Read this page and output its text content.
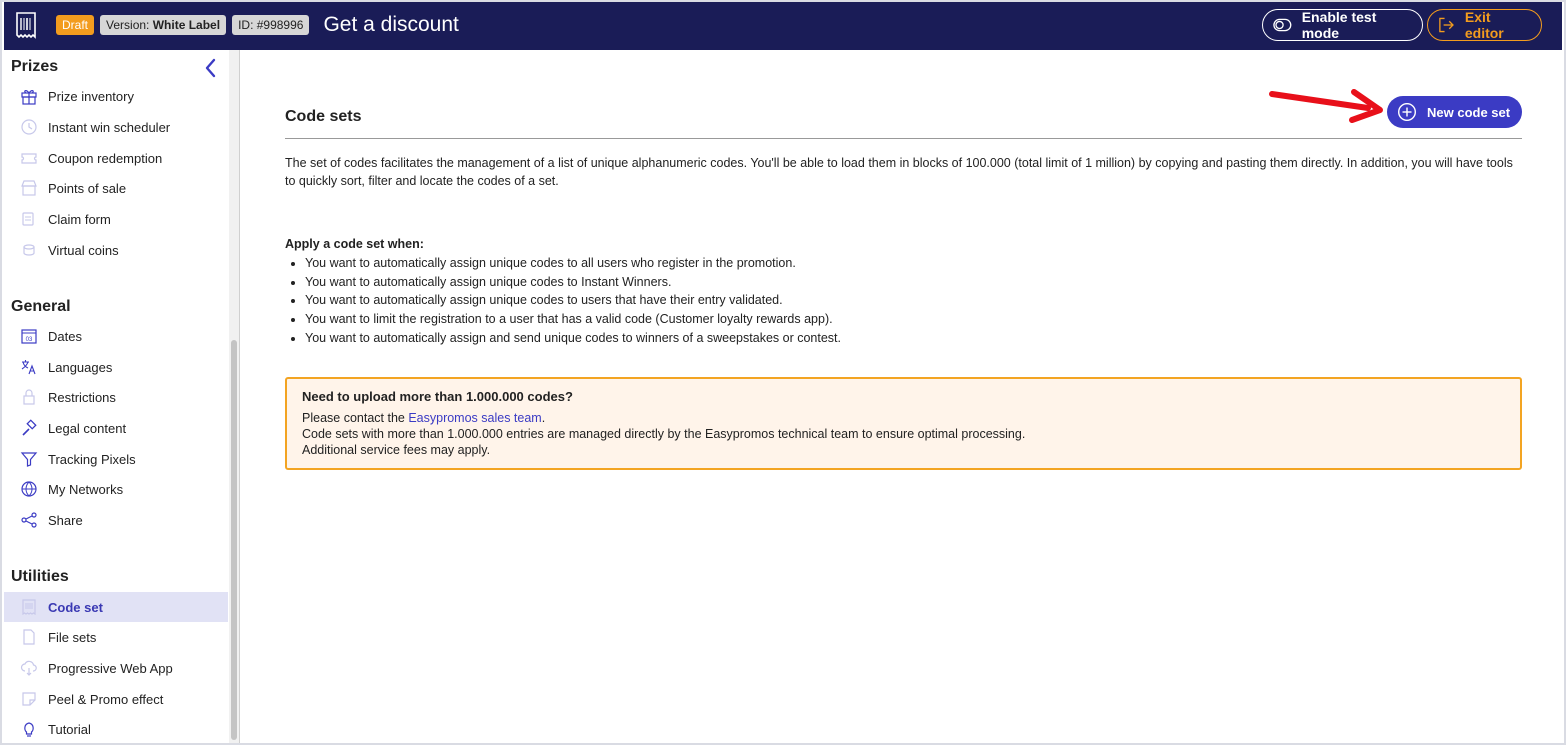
Draft	Version: White Label	ID: #998996 Get a discount	Enable test mode
Exit editor
Prizes
Prize inventory
Instant win scheduler
Coupon redemption
Points of sale
Claim form
Virtual coins
General
03 Dates
Languages
Restrictions
Legal content
Tracking Pixels
My Networks
Share
Utilities
Code set
File sets
Progressive Web App
Peel & Promo effect
Tutorial
Code sets	New code set
The set of codes facilitates the management of a list of unique alphanumeric codes. You'll be able to load them in blocks of 100.000 (total limit of 1 million) by copying and pasting them directly. In addition, you will have tools to quickly sort, filter and locate the codes of a set.
Apply a code set when:
• You want to automatically assign unique codes to all users who register in the promotion.
• You want to automatically assign unique codes to Instant Winners.
• You want to automatically assign unique codes to users that have their entry validated.
• You want to limit the registration to a user that has a valid code (Customer loyalty rewards app).
• You want to automatically assign and send unique codes to winners of a sweepstakes or contest.
Need to upload more than 1.000.000 codes?
Please contact the Easypromos sales team.
Code sets with more than 1.000.000 entries are managed directly by the Easypromos technical team to ensure optimal processing.
Additional service fees may apply.
